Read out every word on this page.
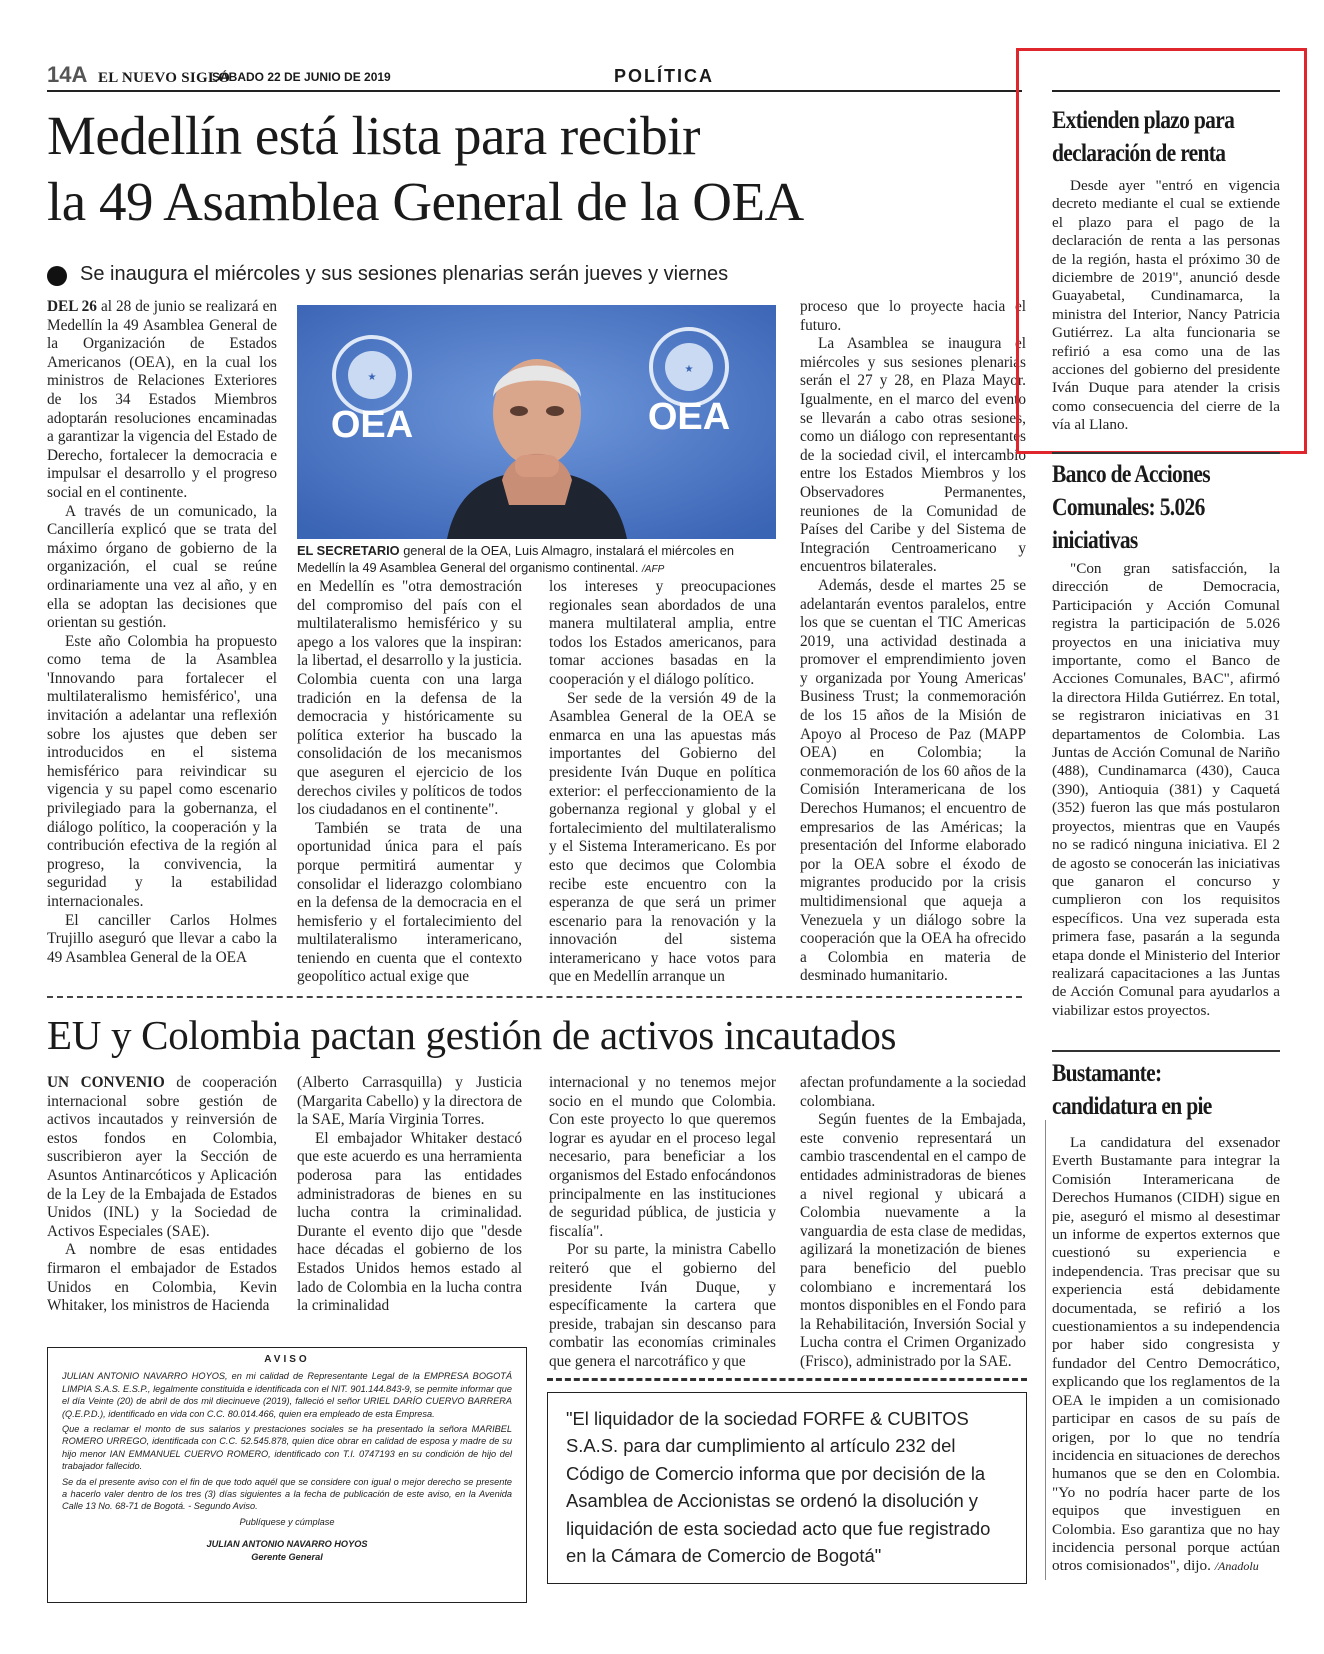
14A EL NUEVO SIGLO
SÁBADO 22 DE JUNIO DE 2019	POLÍTICA
Medellín está lista para recibir
la 49 Asamblea General de la OEA
Se inaugura el miércoles y sus sesiones plenarias serán jueves y viernes

DEL 26 al 28 de junio se realizará en Medellín la 49 Asamblea General de la Organización de Estados Americanos (OEA), en la cual los ministros de Relaciones Exteriores de los 34 Estados Miembros adoptarán resoluciones encaminadas a garantizar la vigencia del Estado de Derecho, fortalecer la democracia e impulsar el desarrollo y el progreso social en el continente.

A través de un comunicado, la Cancillería explicó que se trata del máximo órgano de gobierno de la organización, el cual se reúne ordinariamente una vez al año, y en ella se adoptan las decisiones que orientan su gestión.

Este año Colombia ha propuesto como tema de la Asamblea 'Innovando para fortalecer el multilateralismo hemisférico', una invitación a adelantar una reflexión sobre los ajustes que deben ser introducidos en el sistema hemisférico para reivindicar su vigencia y su papel como escenario privilegiado para la gobernanza, el diálogo político, la cooperación y la contribución efectiva de la región al progreso, la convivencia, la seguridad y la estabilidad internacionales.

El canciller Carlos Holmes Trujillo aseguró que llevar a cabo la 49 Asamblea General de la OEA

★
OEA
★
OEA
EL SECRETARIO general de la OEA, Luis Almagro, instalará el miércoles en Medellín la 49 Asamblea General del organismo continental. /AFP

en Medellín es "otra demostración del compromiso del país con el multilateralismo hemisférico y su apego a los valores que la inspiran: la libertad, el desarrollo y la justicia. Colombia cuenta con una larga tradición en la defensa de la democracia y históricamente su política exterior ha buscado la consolidación de los mecanismos que aseguren el ejercicio de los derechos civiles y políticos de todos los ciudadanos en el continente".

También se trata de una oportunidad única para el país porque permitirá aumentar y consolidar el liderazgo colombiano en la defensa de la democracia en el hemisferio y el fortalecimiento del multilateralismo interamericano, teniendo en cuenta que el contexto geopolítico actual exige que

los intereses y preocupaciones regionales sean abordados de una manera multilateral amplia, entre todos los Estados americanos, para tomar acciones basadas en la cooperación y el diálogo político.

Ser sede de la versión 49 de la Asamblea General de la OEA se enmarca en una las apuestas más importantes del Gobierno del presidente Iván Duque en política exterior: el perfeccionamiento de la gobernanza regional y global y el fortalecimiento del multilateralismo y el Sistema Interamericano. Es por esto que decimos que Colombia recibe este encuentro con la esperanza de que será un primer escenario para la renovación y la innovación del sistema interamericano y hace votos para que en Medellín arranque un

proceso que lo proyecte hacia el futuro.

La Asamblea se inaugura el miércoles y sus sesiones plenarias serán el 27 y 28, en Plaza Mayor. Igualmente, en el marco del evento se llevarán a cabo otras sesiones, como un diálogo con representantes de la sociedad civil, el intercambio entre los Estados Miembros y los Observadores Permanentes, reuniones de la Comunidad de Países del Caribe y del Sistema de Integración Centroamericano y encuentros bilaterales.

Además, desde el martes 25 se adelantarán eventos paralelos, entre los que se cuentan el TIC Americas 2019, una actividad destinada a promover el emprendimiento joven y organizada por Young Americas' Business Trust; la conmemoración de los 15 años de la Misión de Apoyo al Proceso de Paz (MAPP OEA) en Colombia; la conmemoración de los 60 años de la Comisión Interamericana de los Derechos Humanos; el encuentro de empresarios de las Américas; la presentación del Informe elaborado por la OEA sobre el éxodo de migrantes producido por la crisis multidimensional que aqueja a Venezuela y un diálogo sobre la cooperación que la OEA ha ofrecido a Colombia en materia de desminado humanitario.

EU y Colombia pactan gestión de activos incautados

UN CONVENIO de cooperación internacional sobre gestión de activos incautados y reinversión de estos fondos en Colombia, suscribieron ayer la Sección de Asuntos Antinarcóticos y Aplicación de la Ley de la Embajada de Estados Unidos (INL) y la Sociedad de Activos Especiales (SAE).

A nombre de esas entidades firmaron el embajador de Estados Unidos en Colombia, Kevin Whitaker, los ministros de Hacienda

(Alberto Carrasquilla) y Justicia (Margarita Cabello) y la directora de la SAE, María Virginia Torres.

El embajador Whitaker destacó que este acuerdo es una herramienta poderosa para las entidades administradoras de bienes en su lucha contra la criminalidad. Durante el evento dijo que "desde hace décadas el gobierno de los Estados Unidos hemos estado al lado de Colombia en la lucha contra la criminalidad

internacional y no tenemos mejor socio en el mundo que Colombia. Con este proyecto lo que queremos lograr es ayudar en el proceso legal necesario, para beneficiar a los organismos del Estado enfocándonos principalmente en las instituciones de seguridad pública, de justicia y fiscalía".

Por su parte, la ministra Cabello reiteró que el gobierno del presidente Iván Duque, y específicamente la cartera que preside, trabajan sin descanso para combatir las economías criminales que genera el narcotráfico y que

afectan profundamente a la sociedad colombiana.

Según fuentes de la Embajada, este convenio representará un cambio trascendental en el campo de entidades administradoras de bienes a nivel regional y ubicará a Colombia nuevamente a la vanguardia de esta clase de medidas, agilizará la monetización de bienes para beneficio del pueblo colombiano e incrementará los montos disponibles en el Fondo para la Rehabilitación, Inversión Social y Lucha contra el Crimen Organizado (Frisco), administrado por la SAE.

AVISO

JULIAN ANTONIO NAVARRO HOYOS, en mi calidad de Representante Legal de la EMPRESA BOGOTÁ LIMPIA S.A.S. E.S.P., legalmente constituida e identificada con el NIT. 901.144.843-9, se permite informar que el día Veinte (20) de abril de dos mil diecinueve (2019), falleció el señor URIEL DARÍO CUERVO BARRERA (Q.E.P.D.), identificado en vida con C.C. 80.014.466, quien era empleado de esta Empresa.

Que a reclamar el monto de sus salarios y prestaciones sociales se ha presentado la señora MARIBEL ROMERO URREGO, identificada con C.C. 52.545.878, quien dice obrar en calidad de esposa y madre de su hijo menor IAN EMMANUEL CUERVO ROMERO, identificado con T.I. 0747193 en su condición de hijo del trabajador fallecido.

Se da el presente aviso con el fin de que todo aquél que se considere con igual o mejor derecho se presente a hacerlo valer dentro de los tres (3) días siguientes a la fecha de publicación de este aviso, en la Avenida Calle 13 No. 68-71 de Bogotá. - Segundo Aviso.

Publíquese y cúmplase
JULIAN ANTONIO NAVARRO HOYOS
Gerente General
"El liquidador de la sociedad FORFE & CUBITOS S.A.S. para dar cumplimiento al artículo 232 del Código de Comercio informa que por decisión de la Asamblea de Accionistas se ordenó la disolución y liquidación de esta sociedad acto que fue registrado en la Cámara de Comercio de Bogotá"
Extienden plazo para declaración de renta

Desde ayer "entró en vigencia decreto mediante el cual se extiende el plazo para el pago de la declaración de renta a las personas de la región, hasta el próximo 30 de diciembre de 2019", anunció desde Guayabetal, Cundinamarca, la ministra del Interior, Nancy Patricia Gutiérrez. La alta funcionaria se refirió a esa como una de las acciones del gobierno del presidente Iván Duque para atender la crisis como consecuencia del cierre de la vía al Llano.

Banco de Acciones Comunales: 5.026 iniciativas

"Con gran satisfacción, la dirección de Democracia, Participación y Acción Comunal registra la participación de 5.026 proyectos en una iniciativa muy importante, como el Banco de Acciones Comunales, BAC", afirmó la directora Hilda Gutiérrez. En total, se registraron iniciativas en 31 departamentos de Colombia. Las Juntas de Acción Comunal de Nariño (488), Cundinamarca (430), Cauca (390), Antioquia (381) y Caquetá (352) fueron las que más postularon proyectos, mientras que en Vaupés no se radicó ninguna iniciativa. El 2 de agosto se conocerán las iniciativas que ganaron el concurso y cumplieron con los requisitos específicos. Una vez superada esta primera fase, pasarán a la segunda etapa donde el Ministerio del Interior realizará capacitaciones a las Juntas de Acción Comunal para ayudarlos a viabilizar estos proyectos.

Bustamante: candidatura en pie

La candidatura del exsenador Everth Bustamante para integrar la Comisión Interamericana de Derechos Humanos (CIDH) sigue en pie, aseguró el mismo al desestimar un informe de expertos externos que cuestionó su experiencia e independencia. Tras precisar que su experiencia está debidamente documentada, se refirió a los cuestionamientos a su independencia por haber sido congresista y fundador del Centro Democrático, explicando que los reglamentos de la OEA le impiden a un comisionado participar en casos de su país de origen, por lo que no tendría incidencia en situaciones de derechos humanos que se den en Colombia. "Yo no podría hacer parte de los equipos que investiguen en Colombia. Eso garantiza que no hay incidencia personal porque actúan otros comisionados", dijo. /Anadolu
